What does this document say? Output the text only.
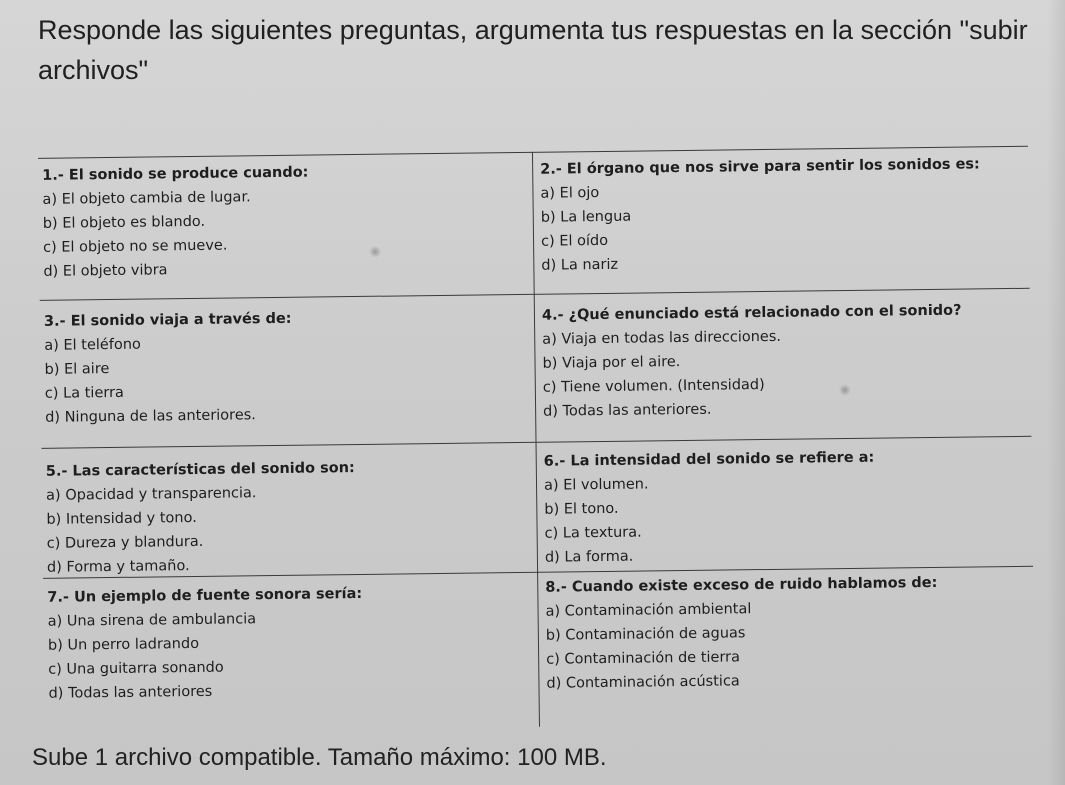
Responde las siguientes preguntas, argumenta tus respuestas en la sección "subir archivos"
1.- El sonido se produce cuando:
a) El objeto cambia de lugar.
b) El objeto es blando.
c) El objeto no se mueve.
d) El objeto vibra
2.- El órgano que nos sirve para sentir los sonidos es:
a) El ojo
b) La lengua
c) El oído
d) La nariz
3.- El sonido viaja a través de:
a) El teléfono
b) El aire
c) La tierra
d) Ninguna de las anteriores.
4.- ¿Qué enunciado está relacionado con el sonido?
a) Viaja en todas las direcciones.
b) Viaja por el aire.
c) Tiene volumen. (Intensidad)
d) Todas las anteriores.
5.- Las características del sonido son:
a) Opacidad y transparencia.
b) Intensidad y tono.
c) Dureza y blandura.
d) Forma y tamaño.
6.- La intensidad del sonido se refiere a:
a) El volumen.
b) El tono.
c) La textura.
d) La forma.
7.- Un ejemplo de fuente sonora sería:
a) Una sirena de ambulancia
b) Un perro ladrando
c) Una guitarra sonando
d) Todas las anteriores
8.- Cuando existe exceso de ruido hablamos de:
a) Contaminación ambiental
b) Contaminación de aguas
c) Contaminación de tierra
d) Contaminación acústica
Sube 1 archivo compatible. Tamaño máximo: 100 MB.
